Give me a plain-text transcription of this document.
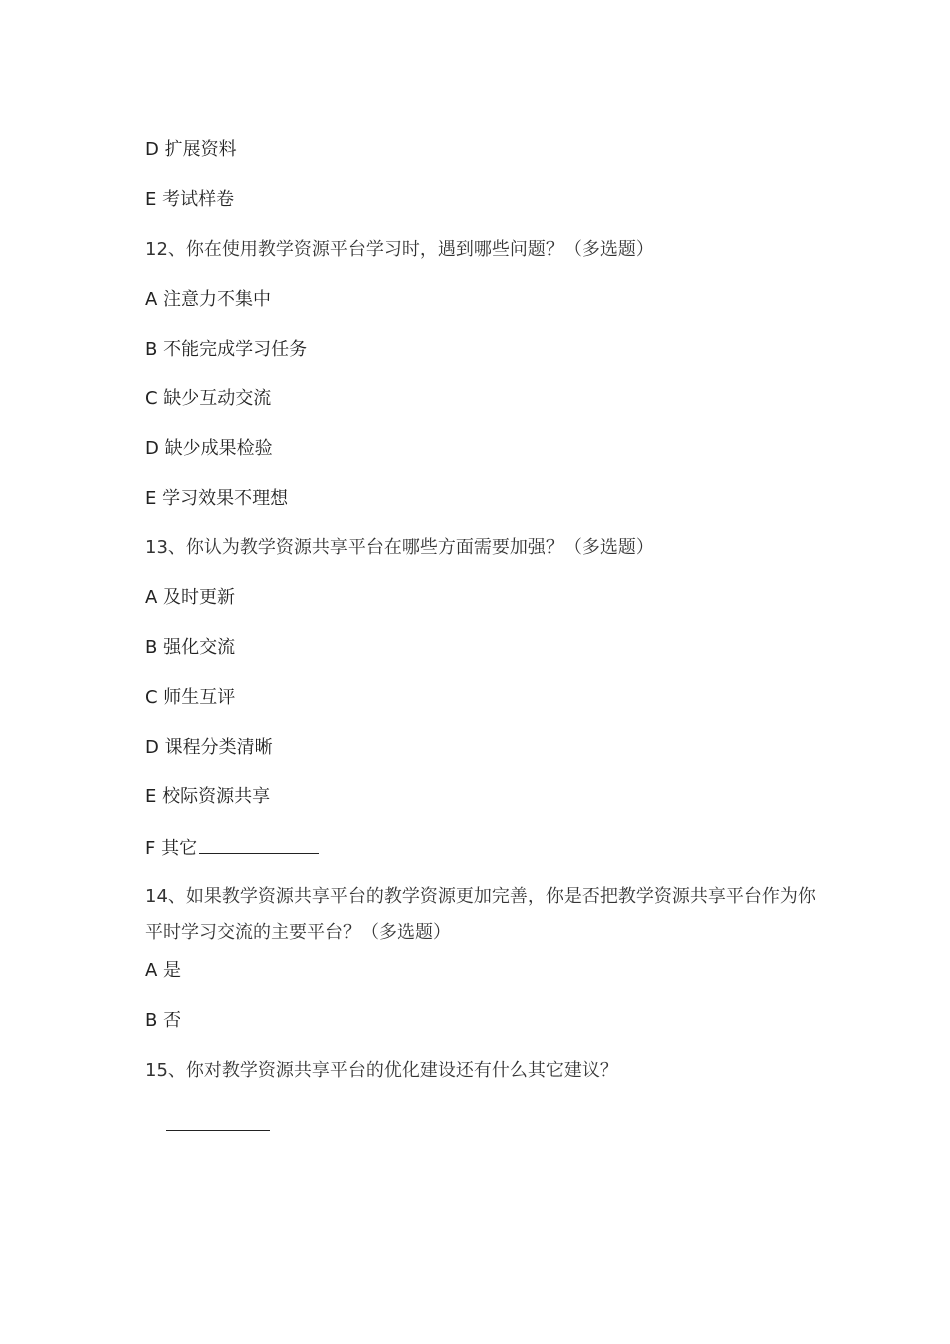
D 扩展资料
E 考试样卷
12、你在使用教学资源平台学习时，遇到哪些问题？（多选题）
A 注意力不集中
B 不能完成学习任务
C 缺少互动交流
D 缺少成果检验
E 学习效果不理想
13、你认为教学资源共享平台在哪些方面需要加强？（多选题）
A 及时更新
B 强化交流
C 师生互评
D 课程分类清晰
E 校际资源共享
F 其它
14、如果教学资源共享平台的教学资源更加完善，你是否把教学资源共享平台作为你平时学习交流的主要平台？（多选题）
A 是
B 否
15、你对教学资源共享平台的优化建设还有什么其它建议？
